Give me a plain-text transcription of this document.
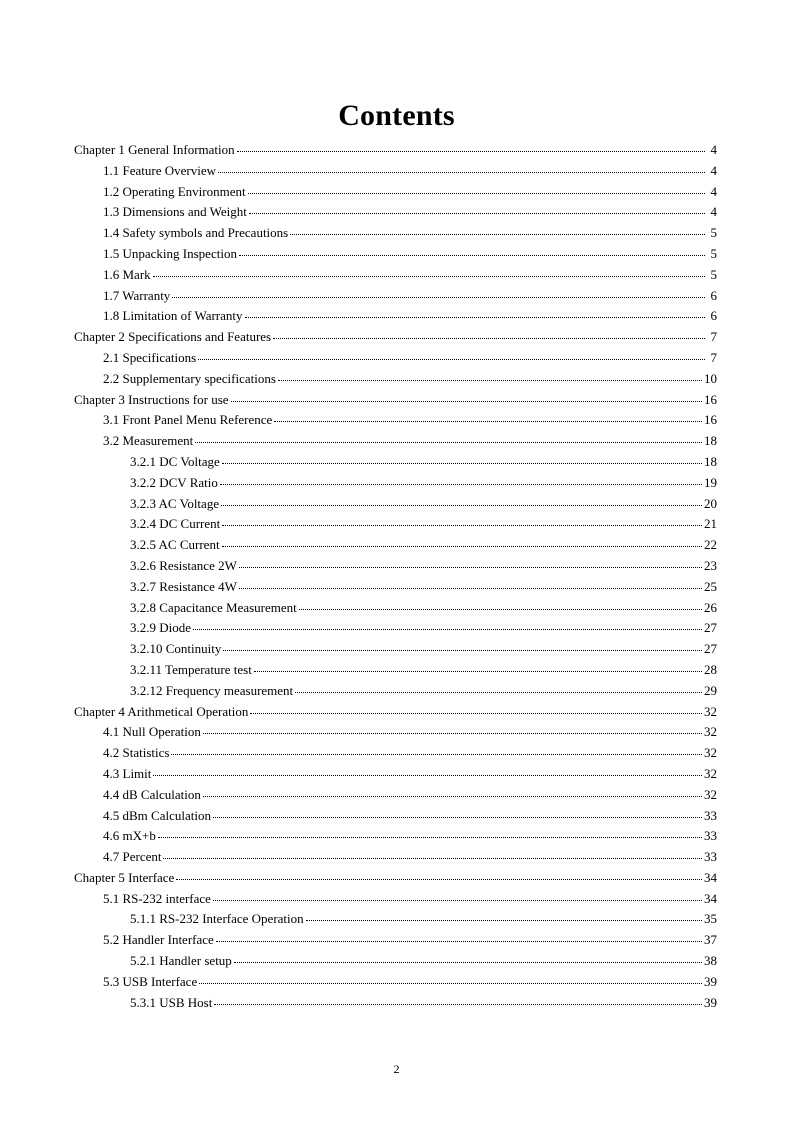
Contents
Chapter 1 General Information	4
1.1 Feature Overview	4
1.2 Operating Environment	4
1.3 Dimensions and Weight	4
1.4 Safety symbols and Precautions	5
1.5 Unpacking Inspection	5
1.6 Mark	5
1.7 Warranty	6
1.8 Limitation of Warranty	6
Chapter 2 Specifications and Features	7
2.1 Specifications	7
2.2 Supplementary specifications	10
Chapter 3 Instructions for use	16
3.1 Front Panel Menu Reference	16
3.2 Measurement	18
3.2.1 DC Voltage	18
3.2.2 DCV Ratio	19
3.2.3 AC Voltage	20
3.2.4 DC Current	21
3.2.5 AC Current	22
3.2.6 Resistance 2W	23
3.2.7 Resistance 4W	25
3.2.8 Capacitance Measurement	26
3.2.9 Diode	27
3.2.10 Continuity	27
3.2.11 Temperature test	28
3.2.12 Frequency measurement	29
Chapter 4 Arithmetical Operation	32
4.1 Null Operation	32
4.2 Statistics	32
4.3 Limit	32
4.4 dB Calculation	32
4.5 dBm Calculation	33
4.6 mX+b	33
4.7 Percent	33
Chapter 5 Interface	34
5.1 RS-232 interface	34
5.1.1 RS-232 Interface Operation	35
5.2 Handler Interface	37
5.2.1 Handler setup	38
5.3 USB Interface	39
5.3.1 USB Host	39
2
